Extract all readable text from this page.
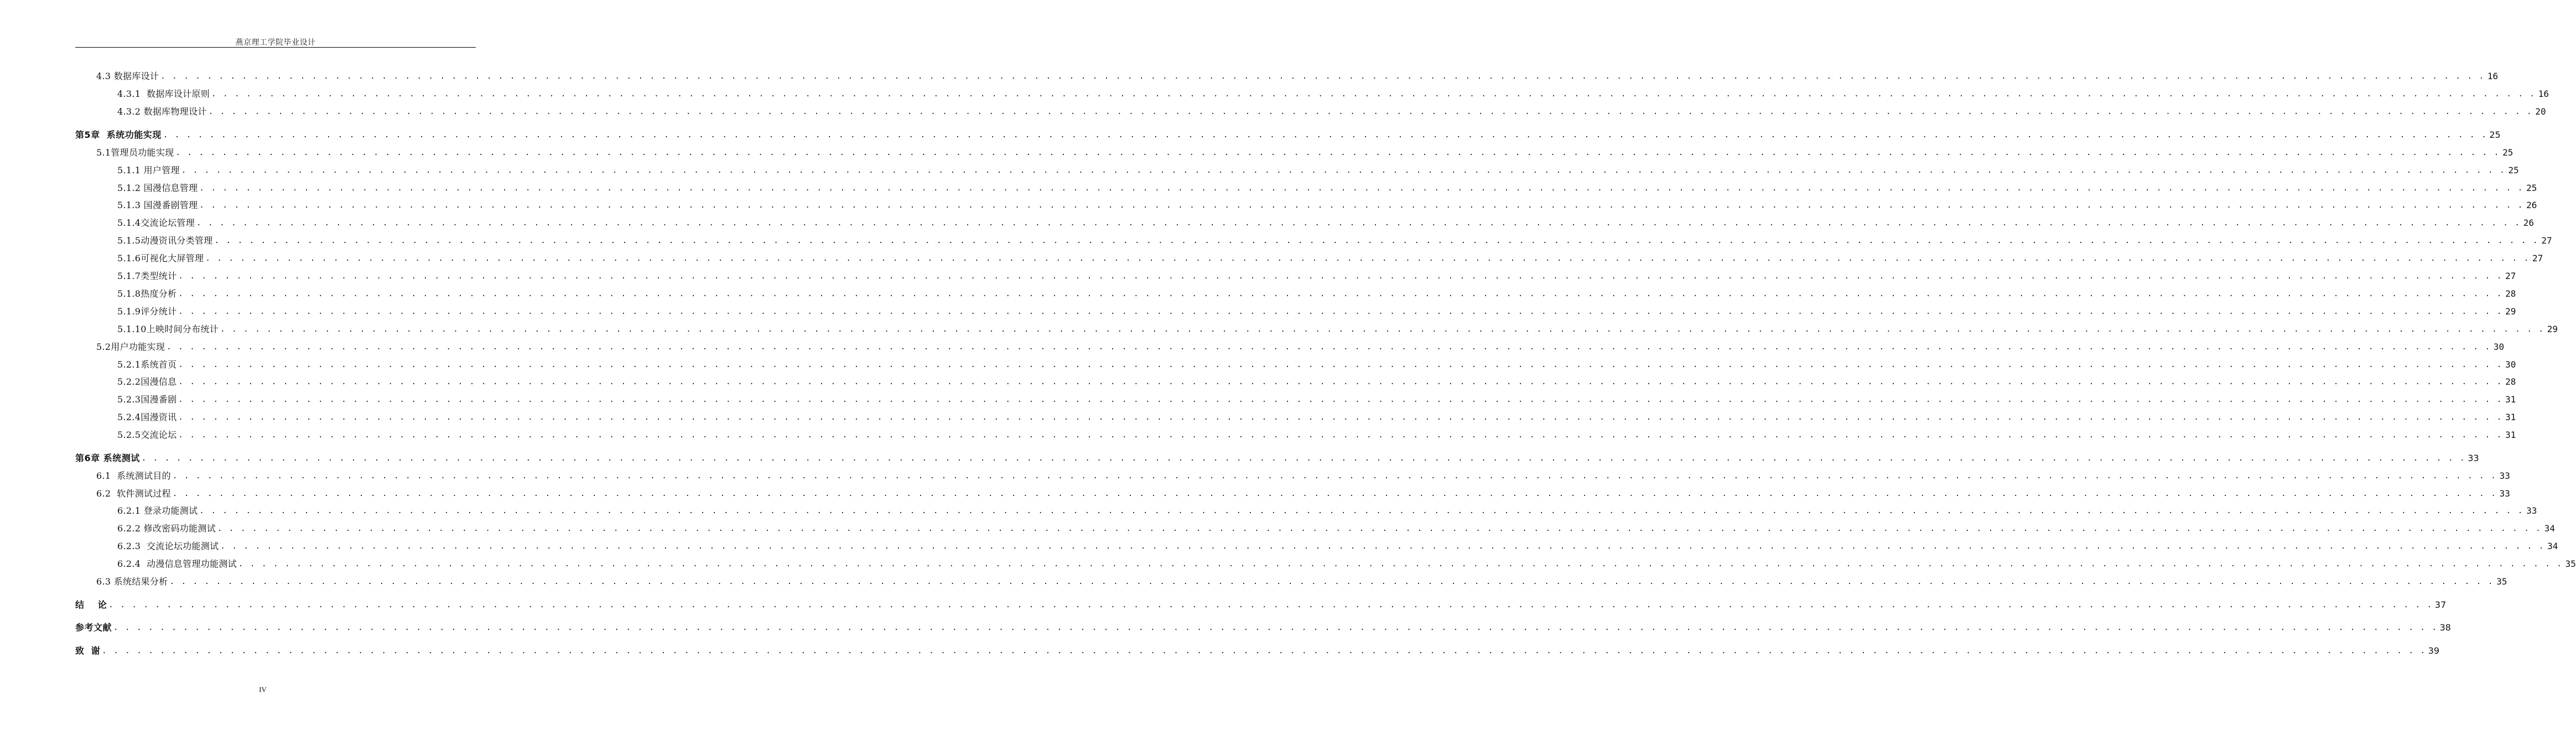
燕京理工学院毕业设计
4.3 数据库设计 . . . . . . . . . . . . . . . . . . . . . . . . . . . . . . . . . . . . . . . . . . . . . . . . . . . . . . . . . . . . . . . . . . . . . . . . . . . . . . . . . . . . . . . . . . . . . . . . . . . . . . . . . . . . . . . . . . . . . . . . . . . . . . . . . . . . . . . . . . . . . . . . . . . . . . . . . . . . . . . . . . . . . . . . . . . . . . . . . . . . . . . . . . . . . . . . . . . . . . . . 16
4.3.1  数据库设计原则 . . . . . . . . . . . . . . . . . . . . . . . . . . . . . . . . . . . . . . . . . . . . . . . . . . . . . . . . . . . . . . . . . . . . . . . . . . . . . . . . . . . . . . . . . . . . . . . . . . . . . . . . . . . . . . . . . . . . . . . . . . . . . . . . . . . . . . . . . . . . . . . . . . . . . . . . . . . . . . . . . . . . . . . . . . . . . . . . . . . . . . . . . . . . . . . . . . . . . . . . 16
4.3.2 数据库物理设计 . . . . . . . . . . . . . . . . . . . . . . . . . . . . . . . . . . . . . . . . . . . . . . . . . . . . . . . . . . . . . . . . . . . . . . . . . . . . . . . . . . . . . . . . . . . . . . . . . . . . . . . . . . . . . . . . . . . . . . . . . . . . . . . . . . . . . . . . . . . . . . . . . . . . . . . . . . . . . . . . . . . . . . . . . . . . . . . . . . . . . . . . . . . . . . . . . . . . . . . . 20
第5章  系统功能实现 . . . . . . . . . . . . . . . . . . . . . . . . . . . . . . . . . . . . . . . . . . . . . . . . . . . . . . . . . . . . . . . . . . . . . . . . . . . . . . . . . . . . . . . . . . . . . . . . . . . . . . . . . . . . . . . . . . . . . . . . . . . . . . . . . . . . . . . . . . . . . . . . . . . . . . . . . . . . . . . . . . . . . . . . . . . . . . . . . . . . . . . . . . . . . . . . . . . . . . . . 25
5.1管理员功能实现 . . . . . . . . . . . . . . . . . . . . . . . . . . . . . . . . . . . . . . . . . . . . . . . . . . . . . . . . . . . . . . . . . . . . . . . . . . . . . . . . . . . . . . . . . . . . . . . . . . . . . . . . . . . . . . . . . . . . . . . . . . . . . . . . . . . . . . . . . . . . . . . . . . . . . . . . . . . . . . . . . . . . . . . . . . . . . . . . . . . . . . . . . . . . . . . . . . . . . . . . 25
5.1.1 用户管理 . . . . . . . . . . . . . . . . . . . . . . . . . . . . . . . . . . . . . . . . . . . . . . . . . . . . . . . . . . . . . . . . . . . . . . . . . . . . . . . . . . . . . . . . . . . . . . . . . . . . . . . . . . . . . . . . . . . . . . . . . . . . . . . . . . . . . . . . . . . . . . . . . . . . . . . . . . . . . . . . . . . . . . . . . . . . . . . . . . . . . . . . . . . . . . . . . . . . . . . . 25
5.1.2 国漫信息管理 . . . . . . . . . . . . . . . . . . . . . . . . . . . . . . . . . . . . . . . . . . . . . . . . . . . . . . . . . . . . . . . . . . . . . . . . . . . . . . . . . . . . . . . . . . . . . . . . . . . . . . . . . . . . . . . . . . . . . . . . . . . . . . . . . . . . . . . . . . . . . . . . . . . . . . . . . . . . . . . . . . . . . . . . . . . . . . . . . . . . . . . . . . . . . . . . . . . . . . . . 25
5.1.3 国漫番剧管理 . . . . . . . . . . . . . . . . . . . . . . . . . . . . . . . . . . . . . . . . . . . . . . . . . . . . . . . . . . . . . . . . . . . . . . . . . . . . . . . . . . . . . . . . . . . . . . . . . . . . . . . . . . . . . . . . . . . . . . . . . . . . . . . . . . . . . . . . . . . . . . . . . . . . . . . . . . . . . . . . . . . . . . . . . . . . . . . . . . . . . . . . . . . . . . . . . . . . . . . . 26
5.1.4交流论坛管理 . . . . . . . . . . . . . . . . . . . . . . . . . . . . . . . . . . . . . . . . . . . . . . . . . . . . . . . . . . . . . . . . . . . . . . . . . . . . . . . . . . . . . . . . . . . . . . . . . . . . . . . . . . . . . . . . . . . . . . . . . . . . . . . . . . . . . . . . . . . . . . . . . . . . . . . . . . . . . . . . . . . . . . . . . . . . . . . . . . . . . . . . . . . . . . . . . . . . . . . . 26
5.1.5动漫资讯分类管理 . . . . . . . . . . . . . . . . . . . . . . . . . . . . . . . . . . . . . . . . . . . . . . . . . . . . . . . . . . . . . . . . . . . . . . . . . . . . . . . . . . . . . . . . . . . . . . . . . . . . . . . . . . . . . . . . . . . . . . . . . . . . . . . . . . . . . . . . . . . . . . . . . . . . . . . . . . . . . . . . . . . . . . . . . . . . . . . . . . . . . . . . . . . . . . . . . . . . . . . . 27
5.1.6可视化大屏管理 . . . . . . . . . . . . . . . . . . . . . . . . . . . . . . . . . . . . . . . . . . . . . . . . . . . . . . . . . . . . . . . . . . . . . . . . . . . . . . . . . . . . . . . . . . . . . . . . . . . . . . . . . . . . . . . . . . . . . . . . . . . . . . . . . . . . . . . . . . . . . . . . . . . . . . . . . . . . . . . . . . . . . . . . . . . . . . . . . . . . . . . . . . . . . . . . . . . . . . . . 27
5.1.7类型统计 . . . . . . . . . . . . . . . . . . . . . . . . . . . . . . . . . . . . . . . . . . . . . . . . . . . . . . . . . . . . . . . . . . . . . . . . . . . . . . . . . . . . . . . . . . . . . . . . . . . . . . . . . . . . . . . . . . . . . . . . . . . . . . . . . . . . . . . . . . . . . . . . . . . . . . . . . . . . . . . . . . . . . . . . . . . . . . . . . . . . . . . . . . . . . . . . . . . . . . . . 27
5.1.8热度分析 . . . . . . . . . . . . . . . . . . . . . . . . . . . . . . . . . . . . . . . . . . . . . . . . . . . . . . . . . . . . . . . . . . . . . . . . . . . . . . . . . . . . . . . . . . . . . . . . . . . . . . . . . . . . . . . . . . . . . . . . . . . . . . . . . . . . . . . . . . . . . . . . . . . . . . . . . . . . . . . . . . . . . . . . . . . . . . . . . . . . . . . . . . . . . . . . . . . . . . . . 28
5.1.9评分统计 . . . . . . . . . . . . . . . . . . . . . . . . . . . . . . . . . . . . . . . . . . . . . . . . . . . . . . . . . . . . . . . . . . . . . . . . . . . . . . . . . . . . . . . . . . . . . . . . . . . . . . . . . . . . . . . . . . . . . . . . . . . . . . . . . . . . . . . . . . . . . . . . . . . . . . . . . . . . . . . . . . . . . . . . . . . . . . . . . . . . . . . . . . . . . . . . . . . . . . . . 29
5.1.10上映时间分布统计 . . . . . . . . . . . . . . . . . . . . . . . . . . . . . . . . . . . . . . . . . . . . . . . . . . . . . . . . . . . . . . . . . . . . . . . . . . . . . . . . . . . . . . . . . . . . . . . . . . . . . . . . . . . . . . . . . . . . . . . . . . . . . . . . . . . . . . . . . . . . . . . . . . . . . . . . . . . . . . . . . . . . . . . . . . . . . . . . . . . . . . . . . . . . . . . . . . . . . . . . 29
5.2用户功能实现 . . . . . . . . . . . . . . . . . . . . . . . . . . . . . . . . . . . . . . . . . . . . . . . . . . . . . . . . . . . . . . . . . . . . . . . . . . . . . . . . . . . . . . . . . . . . . . . . . . . . . . . . . . . . . . . . . . . . . . . . . . . . . . . . . . . . . . . . . . . . . . . . . . . . . . . . . . . . . . . . . . . . . . . . . . . . . . . . . . . . . . . . . . . . . . . . . . . . . . . . 30
5.2.1系统首页 . . . . . . . . . . . . . . . . . . . . . . . . . . . . . . . . . . . . . . . . . . . . . . . . . . . . . . . . . . . . . . . . . . . . . . . . . . . . . . . . . . . . . . . . . . . . . . . . . . . . . . . . . . . . . . . . . . . . . . . . . . . . . . . . . . . . . . . . . . . . . . . . . . . . . . . . . . . . . . . . . . . . . . . . . . . . . . . . . . . . . . . . . . . . . . . . . . . . . . . . 30
5.2.2国漫信息 . . . . . . . . . . . . . . . . . . . . . . . . . . . . . . . . . . . . . . . . . . . . . . . . . . . . . . . . . . . . . . . . . . . . . . . . . . . . . . . . . . . . . . . . . . . . . . . . . . . . . . . . . . . . . . . . . . . . . . . . . . . . . . . . . . . . . . . . . . . . . . . . . . . . . . . . . . . . . . . . . . . . . . . . . . . . . . . . . . . . . . . . . . . . . . . . . . . . . . . . 28
5.2.3国漫番剧 . . . . . . . . . . . . . . . . . . . . . . . . . . . . . . . . . . . . . . . . . . . . . . . . . . . . . . . . . . . . . . . . . . . . . . . . . . . . . . . . . . . . . . . . . . . . . . . . . . . . . . . . . . . . . . . . . . . . . . . . . . . . . . . . . . . . . . . . . . . . . . . . . . . . . . . . . . . . . . . . . . . . . . . . . . . . . . . . . . . . . . . . . . . . . . . . . . . . . . . . 31
5.2.4国漫资讯 . . . . . . . . . . . . . . . . . . . . . . . . . . . . . . . . . . . . . . . . . . . . . . . . . . . . . . . . . . . . . . . . . . . . . . . . . . . . . . . . . . . . . . . . . . . . . . . . . . . . . . . . . . . . . . . . . . . . . . . . . . . . . . . . . . . . . . . . . . . . . . . . . . . . . . . . . . . . . . . . . . . . . . . . . . . . . . . . . . . . . . . . . . . . . . . . . . . . . . . . 31
5.2.5交流论坛 . . . . . . . . . . . . . . . . . . . . . . . . . . . . . . . . . . . . . . . . . . . . . . . . . . . . . . . . . . . . . . . . . . . . . . . . . . . . . . . . . . . . . . . . . . . . . . . . . . . . . . . . . . . . . . . . . . . . . . . . . . . . . . . . . . . . . . . . . . . . . . . . . . . . . . . . . . . . . . . . . . . . . . . . . . . . . . . . . . . . . . . . . . . . . . . . . . . . . . . . 31
第6章 系统测试 . . . . . . . . . . . . . . . . . . . . . . . . . . . . . . . . . . . . . . . . . . . . . . . . . . . . . . . . . . . . . . . . . . . . . . . . . . . . . . . . . . . . . . . . . . . . . . . . . . . . . . . . . . . . . . . . . . . . . . . . . . . . . . . . . . . . . . . . . . . . . . . . . . . . . . . . . . . . . . . . . . . . . . . . . . . . . . . . . . . . . . . . . . . . . . . . . . . . . . . . 33
6.1  系统测试目的 . . . . . . . . . . . . . . . . . . . . . . . . . . . . . . . . . . . . . . . . . . . . . . . . . . . . . . . . . . . . . . . . . . . . . . . . . . . . . . . . . . . . . . . . . . . . . . . . . . . . . . . . . . . . . . . . . . . . . . . . . . . . . . . . . . . . . . . . . . . . . . . . . . . . . . . . . . . . . . . . . . . . . . . . . . . . . . . . . . . . . . . . . . . . . . . . . . . . . . . . 33
6.2  软件测试过程 . . . . . . . . . . . . . . . . . . . . . . . . . . . . . . . . . . . . . . . . . . . . . . . . . . . . . . . . . . . . . . . . . . . . . . . . . . . . . . . . . . . . . . . . . . . . . . . . . . . . . . . . . . . . . . . . . . . . . . . . . . . . . . . . . . . . . . . . . . . . . . . . . . . . . . . . . . . . . . . . . . . . . . . . . . . . . . . . . . . . . . . . . . . . . . . . . . . . . . . . 33
6.2.1 登录功能测试 . . . . . . . . . . . . . . . . . . . . . . . . . . . . . . . . . . . . . . . . . . . . . . . . . . . . . . . . . . . . . . . . . . . . . . . . . . . . . . . . . . . . . . . . . . . . . . . . . . . . . . . . . . . . . . . . . . . . . . . . . . . . . . . . . . . . . . . . . . . . . . . . . . . . . . . . . . . . . . . . . . . . . . . . . . . . . . . . . . . . . . . . . . . . . . . . . . . . . . . . 33
6.2.2 修改密码功能测试 . . . . . . . . . . . . . . . . . . . . . . . . . . . . . . . . . . . . . . . . . . . . . . . . . . . . . . . . . . . . . . . . . . . . . . . . . . . . . . . . . . . . . . . . . . . . . . . . . . . . . . . . . . . . . . . . . . . . . . . . . . . . . . . . . . . . . . . . . . . . . . . . . . . . . . . . . . . . . . . . . . . . . . . . . . . . . . . . . . . . . . . . . . . . . . . . . . . . . . . . 34
6.2.3  交流论坛功能测试 . . . . . . . . . . . . . . . . . . . . . . . . . . . . . . . . . . . . . . . . . . . . . . . . . . . . . . . . . . . . . . . . . . . . . . . . . . . . . . . . . . . . . . . . . . . . . . . . . . . . . . . . . . . . . . . . . . . . . . . . . . . . . . . . . . . . . . . . . . . . . . . . . . . . . . . . . . . . . . . . . . . . . . . . . . . . . . . . . . . . . . . . . . . . . . . . . . . . . . . . 34
6.2.4  动漫信息管理功能测试 . . . . . . . . . . . . . . . . . . . . . . . . . . . . . . . . . . . . . . . . . . . . . . . . . . . . . . . . . . . . . . . . . . . . . . . . . . . . . . . . . . . . . . . . . . . . . . . . . . . . . . . . . . . . . . . . . . . . . . . . . . . . . . . . . . . . . . . . . . . . . . . . . . . . . . . . . . . . . . . . . . . . . . . . . . . . . . . . . . . . . . . . . . . . . . . . . . . . . . . . 35
6.3 系统结果分析 . . . . . . . . . . . . . . . . . . . . . . . . . . . . . . . . . . . . . . . . . . . . . . . . . . . . . . . . . . . . . . . . . . . . . . . . . . . . . . . . . . . . . . . . . . . . . . . . . . . . . . . . . . . . . . . . . . . . . . . . . . . . . . . . . . . . . . . . . . . . . . . . . . . . . . . . . . . . . . . . . . . . . . . . . . . . . . . . . . . . . . . . . . . . . . . . . . . . . . . . 35
结    论 . . . . . . . . . . . . . . . . . . . . . . . . . . . . . . . . . . . . . . . . . . . . . . . . . . . . . . . . . . . . . . . . . . . . . . . . . . . . . . . . . . . . . . . . . . . . . . . . . . . . . . . . . . . . . . . . . . . . . . . . . . . . . . . . . . . . . . . . . . . . . . . . . . . . . . . . . . . . . . . . . . . . . . . . . . . . . . . . . . . . . . . . . . . . . . . . . . . . . . . . 37
参考文献 . . . . . . . . . . . . . . . . . . . . . . . . . . . . . . . . . . . . . . . . . . . . . . . . . . . . . . . . . . . . . . . . . . . . . . . . . . . . . . . . . . . . . . . . . . . . . . . . . . . . . . . . . . . . . . . . . . . . . . . . . . . . . . . . . . . . . . . . . . . . . . . . . . . . . . . . . . . . . . . . . . . . . . . . . . . . . . . . . . . . . . . . . . . . . . . . . . . . . . . . 38
致  谢 . . . . . . . . . . . . . . . . . . . . . . . . . . . . . . . . . . . . . . . . . . . . . . . . . . . . . . . . . . . . . . . . . . . . . . . . . . . . . . . . . . . . . . . . . . . . . . . . . . . . . . . . . . . . . . . . . . . . . . . . . . . . . . . . . . . . . . . . . . . . . . . . . . . . . . . . . . . . . . . . . . . . . . . . . . . . . . . . . . . . . . . . . . . . . . . . . . . . . . . . 39
IV
